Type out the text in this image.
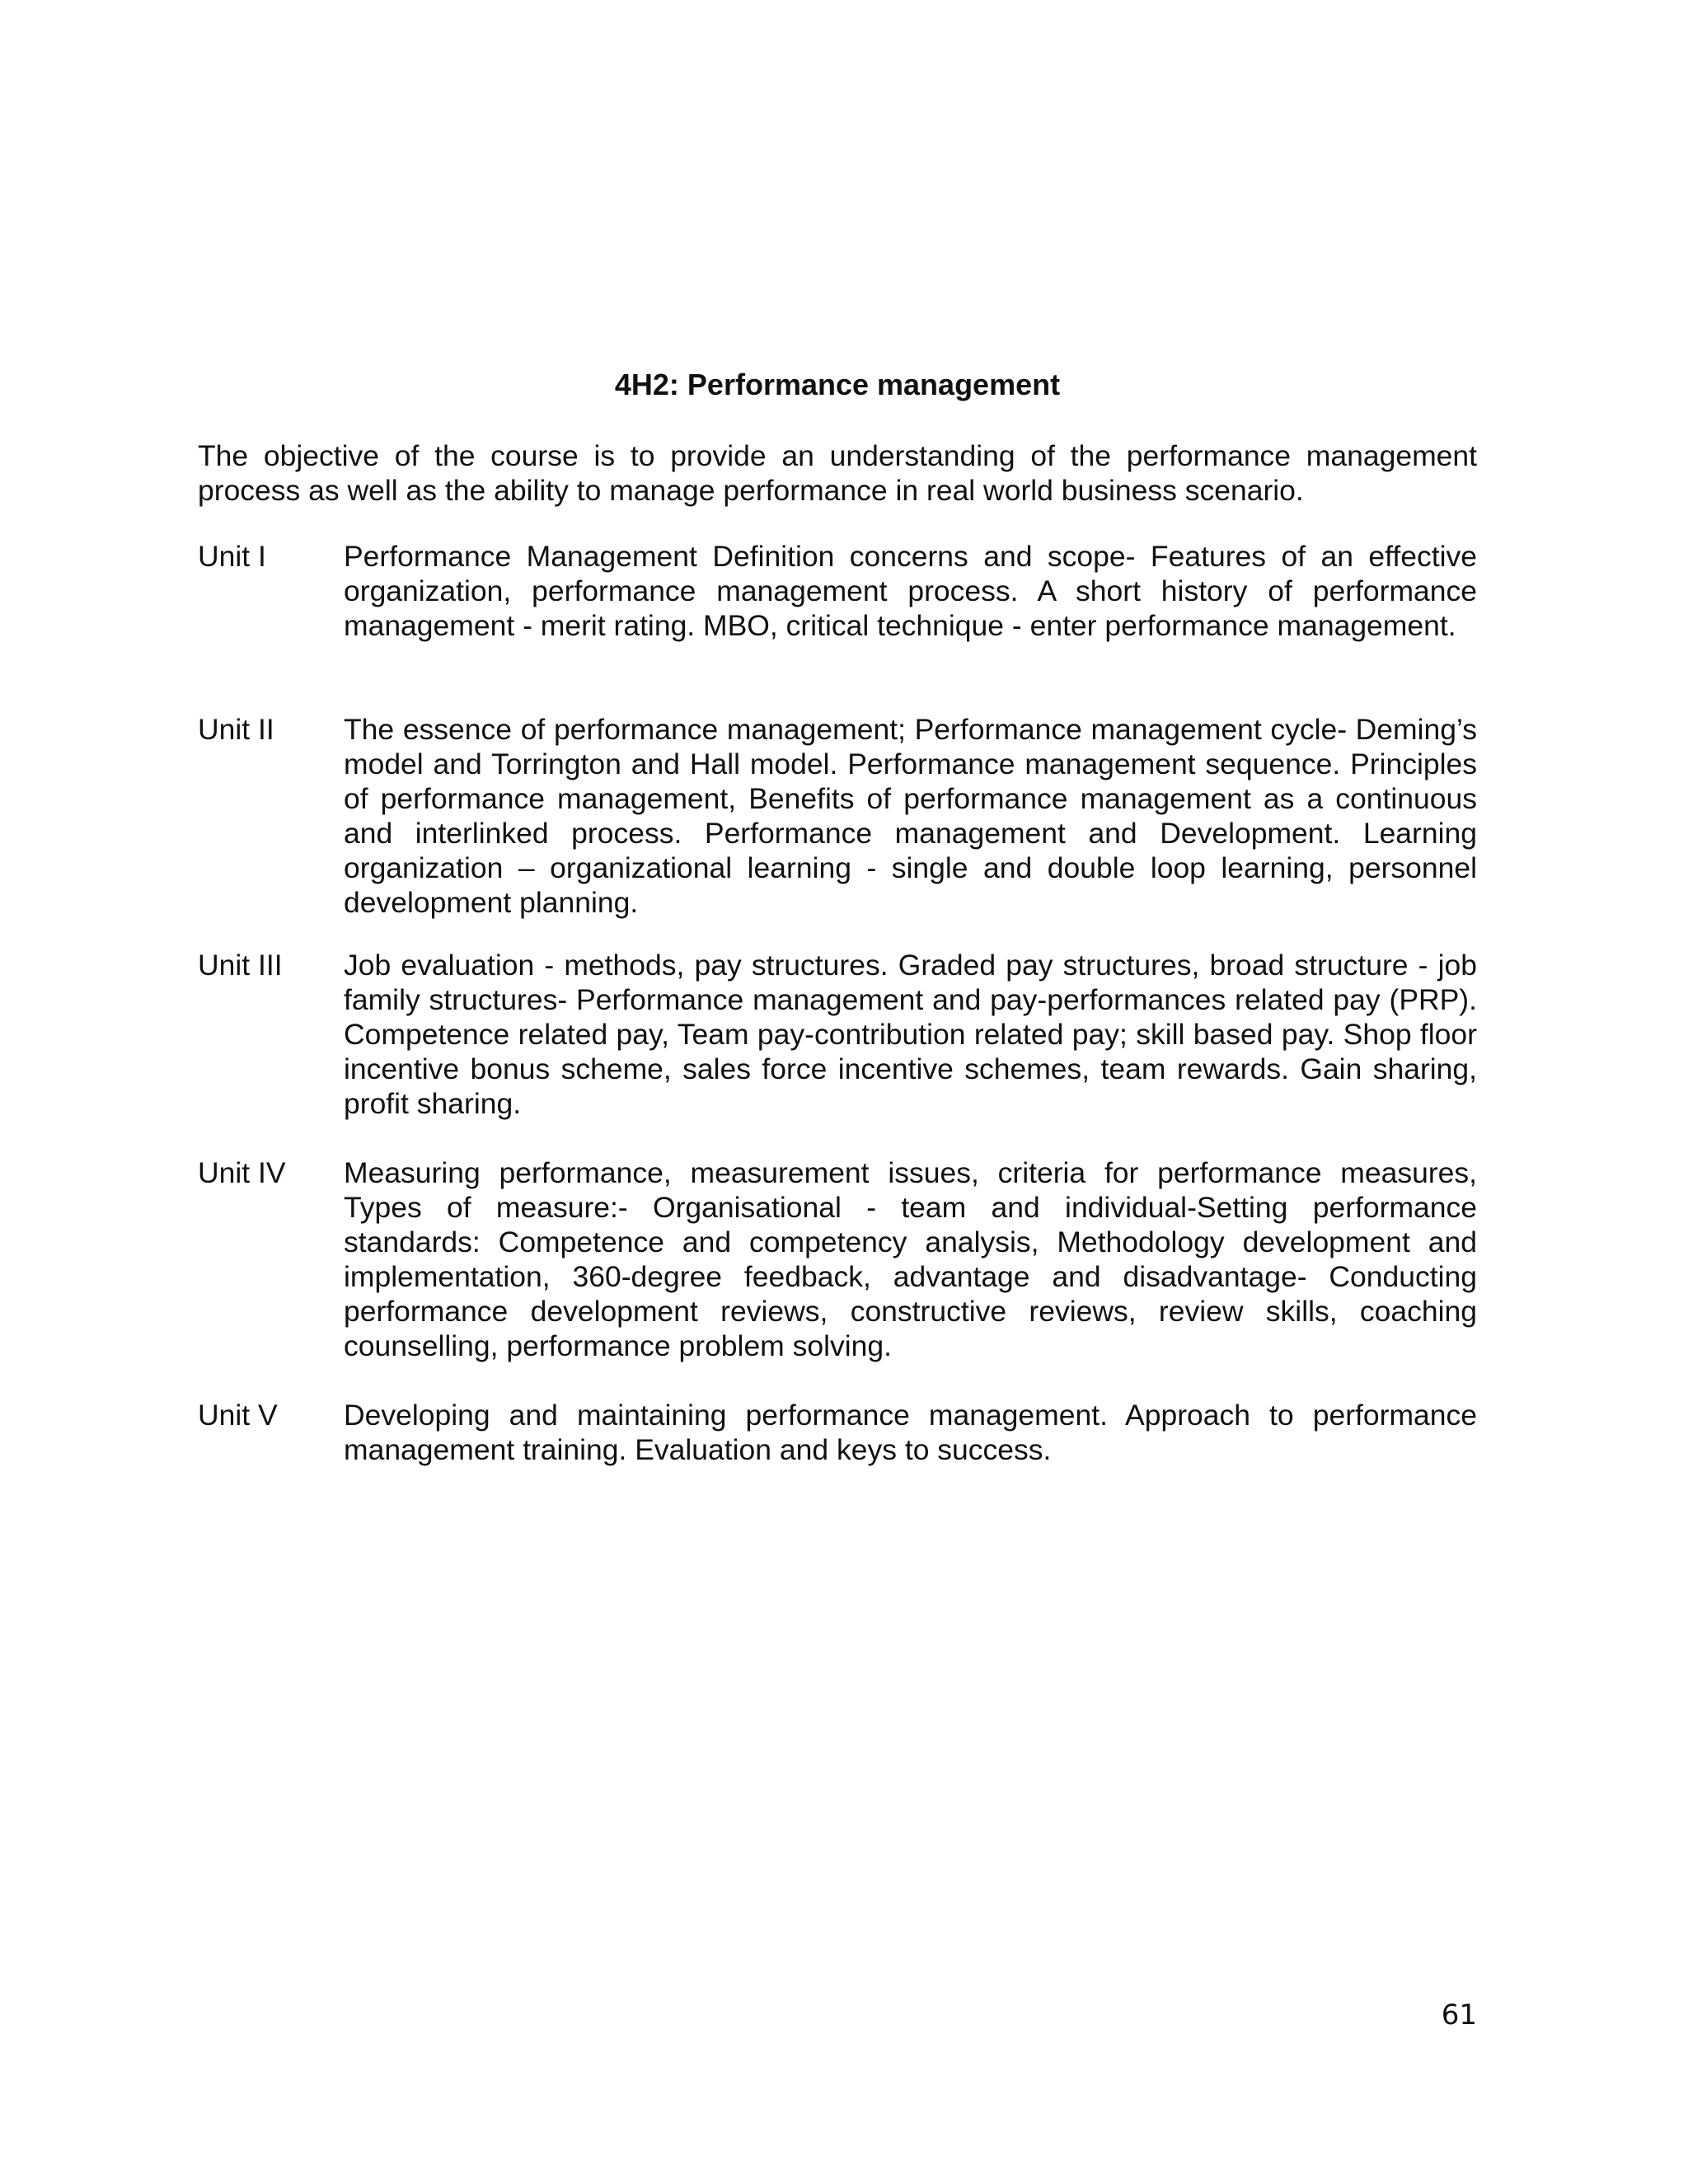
4H2: Performance management

The objective of the course is to provide an understanding of the performance management process as well as the ability to manage performance in real world business scenario.

Unit I	Performance Management Definition concerns and scope- Features of an effective organization, performance management process. A short history of performance management - merit rating. MBO, critical technique - enter performance management.

Unit II	The essence of performance management; Performance management cycle- Deming’s model and Torrington and Hall model. Performance management sequence. Principles of performance management, Benefits of performance management as a continuous and interlinked process. Performance management and Development. Learning organization – organizational learning - single and double loop learning, personnel development planning.

Unit III	Job evaluation - methods, pay structures. Graded pay structures, broad structure - job family structures- Performance management and pay-performances related pay (PRP). Competence related pay, Team pay-contribution related pay; skill based pay. Shop floor incentive bonus scheme, sales force incentive schemes, team rewards. Gain sharing, profit sharing.

Unit IV	Measuring performance, measurement issues, criteria for performance measures, Types of measure:- Organisational - team and individual-Setting performance standards: Competence and competency analysis, Methodology development and implementation, 360-degree feedback, advantage and disadvantage- Conducting performance development reviews, constructive reviews, review skills, coaching counselling, performance problem solving.

Unit V	Developing and maintaining performance management. Approach to performance management training. Evaluation and keys to success.

61
